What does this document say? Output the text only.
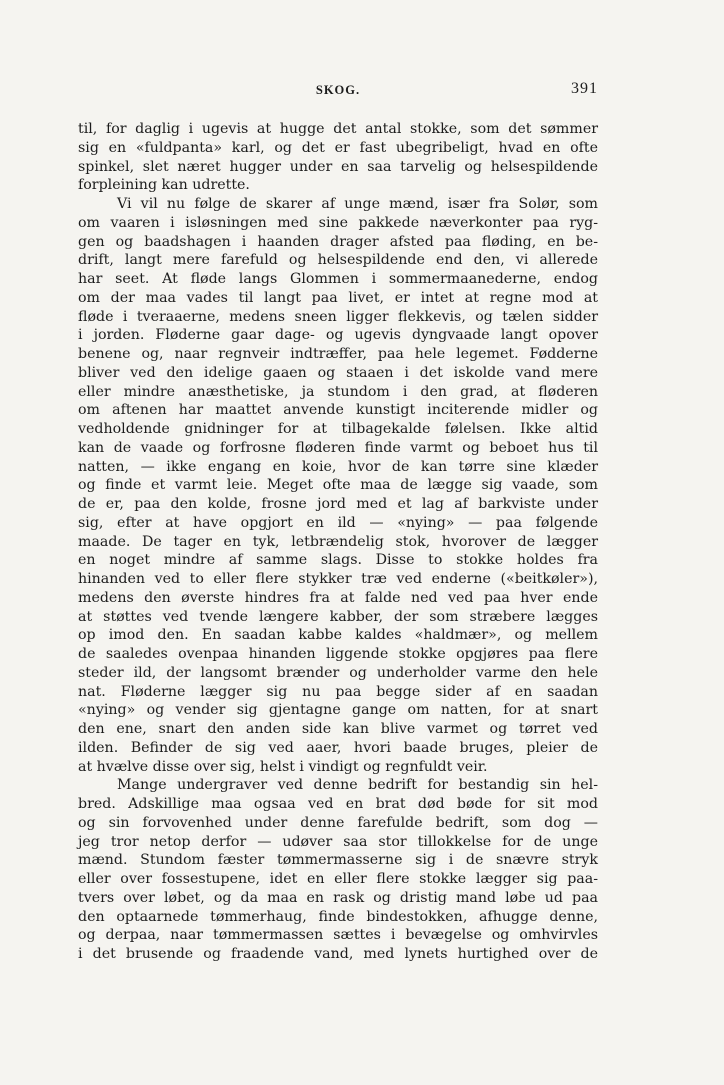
SKOG.	391
til, for daglig i ugevis at hugge det antal stokke, som det sømmer
sig en «fuldpanta» karl, og det er fast ubegribeligt, hvad en ofte
spinkel, slet næret hugger under en saa tarvelig og helsespildende
forpleining kan udrette.
Vi vil nu følge de skarer af unge mænd, især fra Solør, som
om vaaren i isløsningen med sine pakkede næverkonter paa ryg-
gen og baadshagen i haanden drager afsted paa fløding, en be-
drift, langt mere farefuld og helsespildende end den, vi allerede
har seet. At fløde langs Glommen i sommermaanederne, endog
om der maa vades til langt paa livet, er intet at regne mod at
fløde i tveraaerne, medens sneen ligger flekkevis, og tælen sidder
i jorden. Fløderne gaar dage- og ugevis dyngvaade langt opover
benene og, naar regnveir indtræffer, paa hele legemet. Fødderne
bliver ved den idelige gaaen og staaen i det iskolde vand mere
eller mindre anæsthetiske, ja stundom i den grad, at fløderen
om aftenen har maattet anvende kunstigt inciterende midler og
vedholdende gnidninger for at tilbagekalde følelsen. Ikke altid
kan de vaade og forfrosne fløderen finde varmt og beboet hus til
natten, — ikke engang en koie, hvor de kan tørre sine klæder
og finde et varmt leie. Meget ofte maa de lægge sig vaade, som
de er, paa den kolde, frosne jord med et lag af barkviste under
sig, efter at have opgjort en ild — «nying» — paa følgende
maade. De tager en tyk, letbrændelig stok, hvorover de lægger
en noget mindre af samme slags. Disse to stokke holdes fra
hinanden ved to eller flere stykker træ ved enderne («beitkøler»),
medens den øverste hindres fra at falde ned ved paa hver ende
at støttes ved tvende længere kabber, der som stræbere lægges
op imod den. En saadan kabbe kaldes «haldmær», og mellem
de saaledes ovenpaa hinanden liggende stokke opgjøres paa flere
steder ild, der langsomt brænder og underholder varme den hele
nat. Fløderne lægger sig nu paa begge sider af en saadan
«nying» og vender sig gjentagne gange om natten, for at snart
den ene, snart den anden side kan blive varmet og tørret ved
ilden. Befinder de sig ved aaer, hvori baade bruges, pleier de
at hvælve disse over sig, helst i vindigt og regnfuldt veir.
Mange undergraver ved denne bedrift for bestandig sin hel-
bred. Adskillige maa ogsaa ved en brat død bøde for sit mod
og sin forvovenhed under denne farefulde bedrift, som dog —
jeg tror netop derfor — udøver saa stor tillokkelse for de unge
mænd. Stundom fæster tømmermasserne sig i de snævre stryk
eller over fossestupene, idet en eller flere stokke lægger sig paa-
tvers over løbet, og da maa en rask og dristig mand løbe ud paa
den optaarnede tømmerhaug, finde bindestokken, afhugge denne,
og derpaa, naar tømmermassen sættes i bevægelse og omhvirvles
i det brusende og fraadende vand, med lynets hurtighed over de
